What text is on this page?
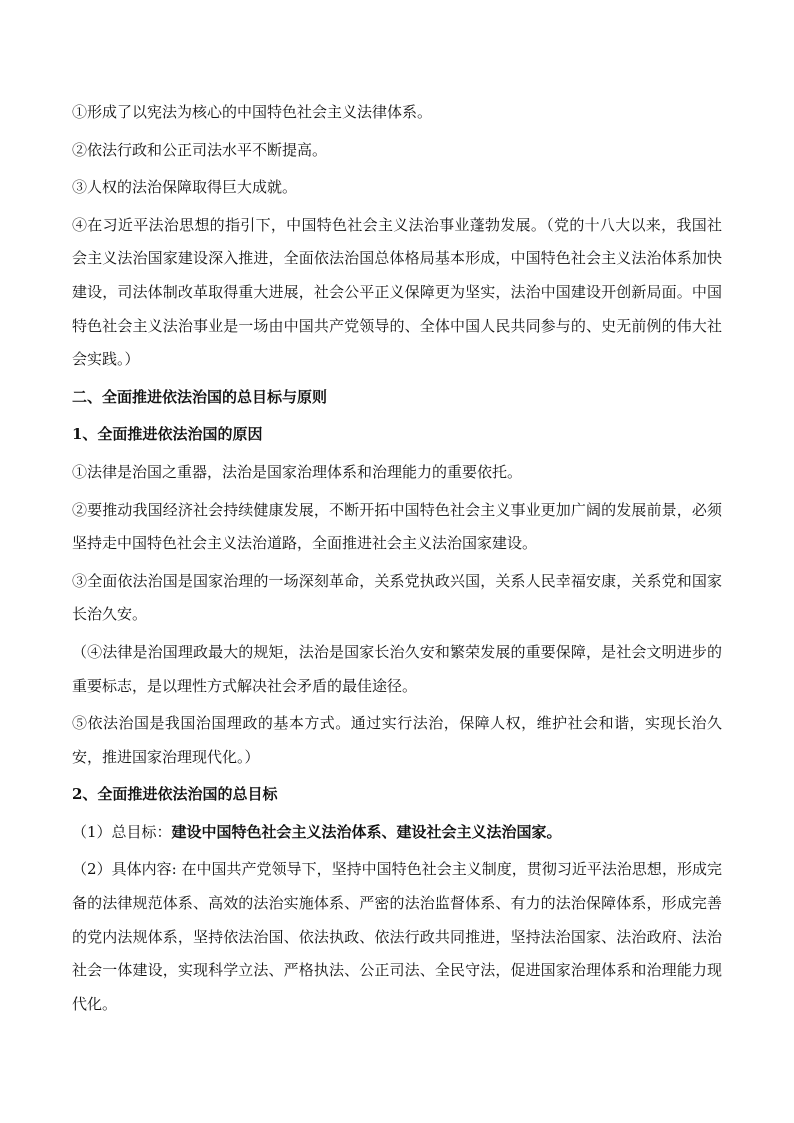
①形成了以宪法为核心的中国特色社会主义法律体系。

②依法行政和公正司法水平不断提高。

③人权的法治保障取得巨大成就。

④在习近平法治思想的指引下，中国特色社会主义法治事业蓬勃发展。（党的十八大以来，我国社会主义法治国家建设深入推进，全面依法治国总体格局基本形成，中国特色社会主义法治体系加快建设，司法体制改革取得重大进展，社会公平正义保障更为坚实，法治中国建设开创新局面。中国特色社会主义法治事业是一场由中国共产党领导的、全体中国人民共同参与的、史无前例的伟大社会实践。）

二、全面推进依法治国的总目标与原则

1、全面推进依法治国的原因

①法律是治国之重器，法治是国家治理体系和治理能力的重要依托。

②要推动我国经济社会持续健康发展，不断开拓中国特色社会主义事业更加广阔的发展前景，必须坚持走中国特色社会主义法治道路，全面推进社会主义法治国家建设。

③全面依法治国是国家治理的一场深刻革命，关系党执政兴国，关系人民幸福安康，关系党和国家长治久安。

（④法律是治国理政最大的规矩，法治是国家长治久安和繁荣发展的重要保障，是社会文明进步的重要标志，是以理性方式解决社会矛盾的最佳途径。

⑤依法治国是我国治国理政的基本方式。通过实行法治，保障人权，维护社会和谐，实现长治久安，推进国家治理现代化。）

2、全面推进依法治国的总目标

（1）总目标：建设中国特色社会主义法治体系、建设社会主义法治国家。

（2）具体内容: 在中国共产党领导下，坚持中国特色社会主义制度，贯彻习近平法治思想，形成完备的法律规范体系、高效的法治实施体系、严密的法治监督体系、有力的法治保障体系，形成完善的党内法规体系，坚持依法治国、依法执政、依法行政共同推进，坚持法治国家、法治政府、法治社会一体建设，实现科学立法、严格执法、公正司法、全民守法，促进国家治理体系和治理能力现代化。
